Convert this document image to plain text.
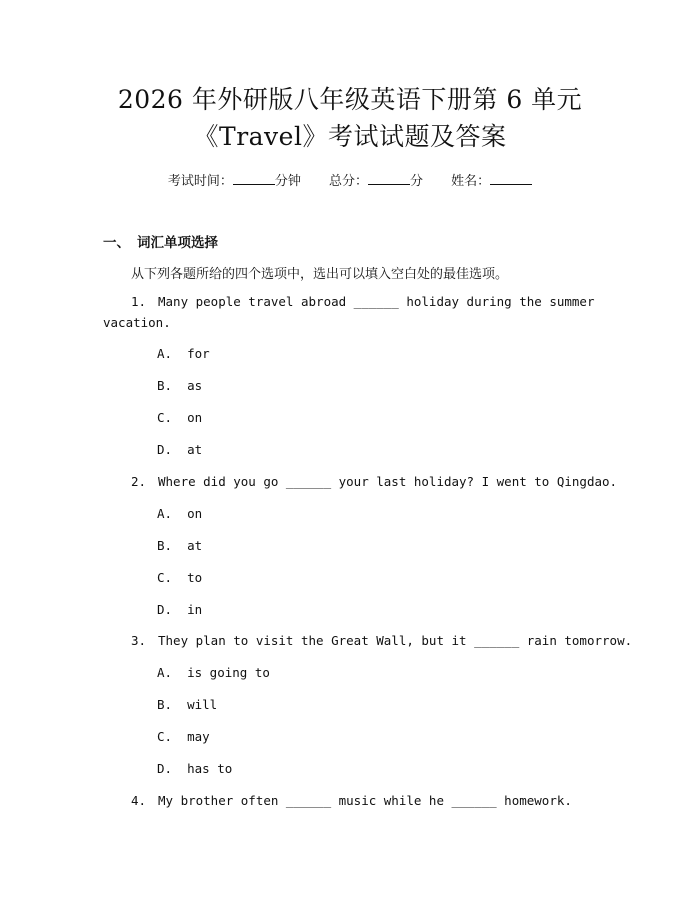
2026 年外研版八年级英语下册第 6 单元
《Travel》考试试题及答案
考试时间：	分钟 总分：	分 姓名：
一、 词汇单项选择
从下列各题所给的四个选项中，选出可以填入空白处的最佳选项。
1. Many people travel abroad ______ holiday during the summer
vacation.
A.  for
B.  as
C.  on
D.  at
2. Where did you go ______ your last holiday? I went to Qingdao.
A.  on
B.  at
C.  to
D.  in
3. They plan to visit the Great Wall, but it ______ rain tomorrow.
A.  is going to
B.  will
C.  may
D.  has to
4. My brother often ______ music while he ______ homework.
